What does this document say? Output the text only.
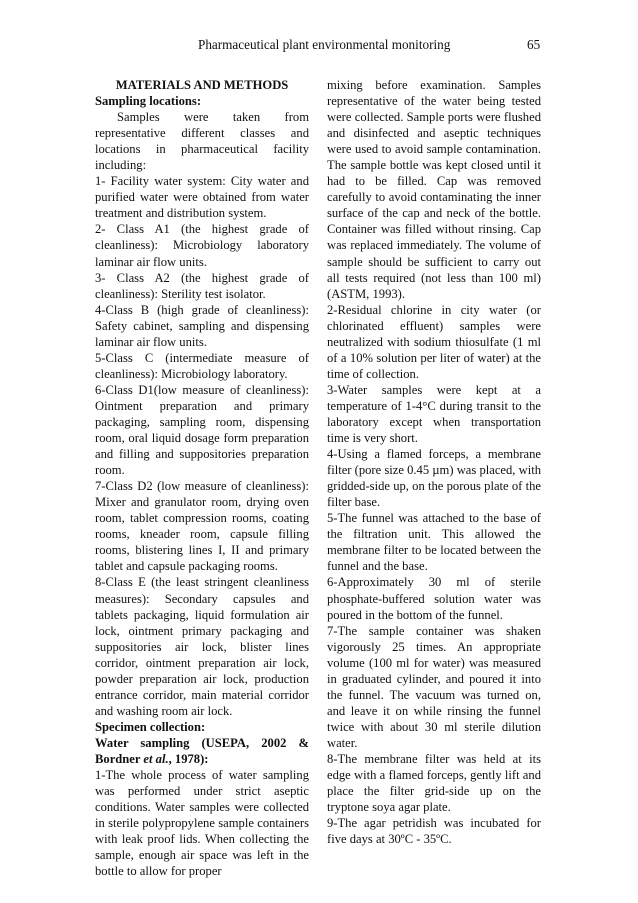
Pharmaceutical plant environmental monitoring	65

MATERIALS AND METHODS

Sampling locations:

Samples were taken from representative different classes and locations in pharmaceutical facility including:

1- Facility water system: City water and purified water were obtained from water treatment and distribution system.

2- Class A1 (the highest grade of cleanliness): Microbiology laboratory laminar air flow units.

3- Class A2 (the highest grade of cleanliness): Sterility test isolator.

4-Class B (high grade of cleanliness): Safety cabinet, sampling and dispensing laminar air flow units.

5-Class C (intermediate measure of cleanliness): Microbiology laboratory.

6-Class D1(low measure of cleanliness): Ointment preparation and primary packaging, sampling room, dispensing room, oral liquid dosage form preparation and filling and suppositories preparation room.

7-Class D2 (low measure of cleanliness): Mixer and granulator room, drying oven room, tablet compression rooms, coating rooms, kneader room, capsule filling rooms, blistering lines I, II and primary tablet and capsule packaging rooms.

8-Class E (the least stringent cleanliness measures): Secondary capsules and tablets packaging, liquid formulation air lock, ointment primary packaging and suppositories air lock, blister lines corridor, ointment preparation air lock, powder preparation air lock, production entrance corridor, main material corridor and washing room air lock.

Specimen collection:

Water sampling (USEPA, 2002 & Bordner et al., 1978):

1-The whole process of water sampling was performed under strict aseptic conditions. Water samples were collected in sterile polypropylene sample containers with leak proof lids. When collecting the sample, enough air space was left in the bottle to allow for proper

mixing before examination. Samples representative of the water being tested were collected. Sample ports were flushed and disinfected and aseptic techniques were used to avoid sample contamination. The sample bottle was kept closed until it had to be filled. Cap was removed carefully to avoid contaminating the inner surface of the cap and neck of the bottle. Container was filled without rinsing. Cap was replaced immediately. The volume of sample should be sufficient to carry out all tests required (not less than 100 ml) (ASTM, 1993).

2-Residual chlorine in city water (or chlorinated effluent) samples were neutralized with sodium thiosulfate (1 ml of a 10% solution per liter of water) at the time of collection.

3-Water samples were kept at a temperature of 1-4°C during transit to the laboratory except when transportation time is very short.

4-Using a flamed forceps, a membrane filter (pore size 0.45 µm) was placed, with gridded-side up, on the porous plate of the filter base.

5-The funnel was attached to the base of the filtration unit. This allowed the membrane filter to be located between the funnel and the base.

6-Approximately 30 ml of sterile phosphate-buffered solution water was poured in the bottom of the funnel.

7-The sample container was shaken vigorously 25 times. An appropriate volume (100 ml for water) was measured in graduated cylinder, and poured it into the funnel. The vacuum was turned on, and leave it on while rinsing the funnel twice with about 30 ml sterile dilution water.

8-The membrane filter was held at its edge with a flamed forceps, gently lift and place the filter grid-side up on the tryptone soya agar plate.

9-The agar petridish was incubated for five days at 30ºC - 35ºC.
